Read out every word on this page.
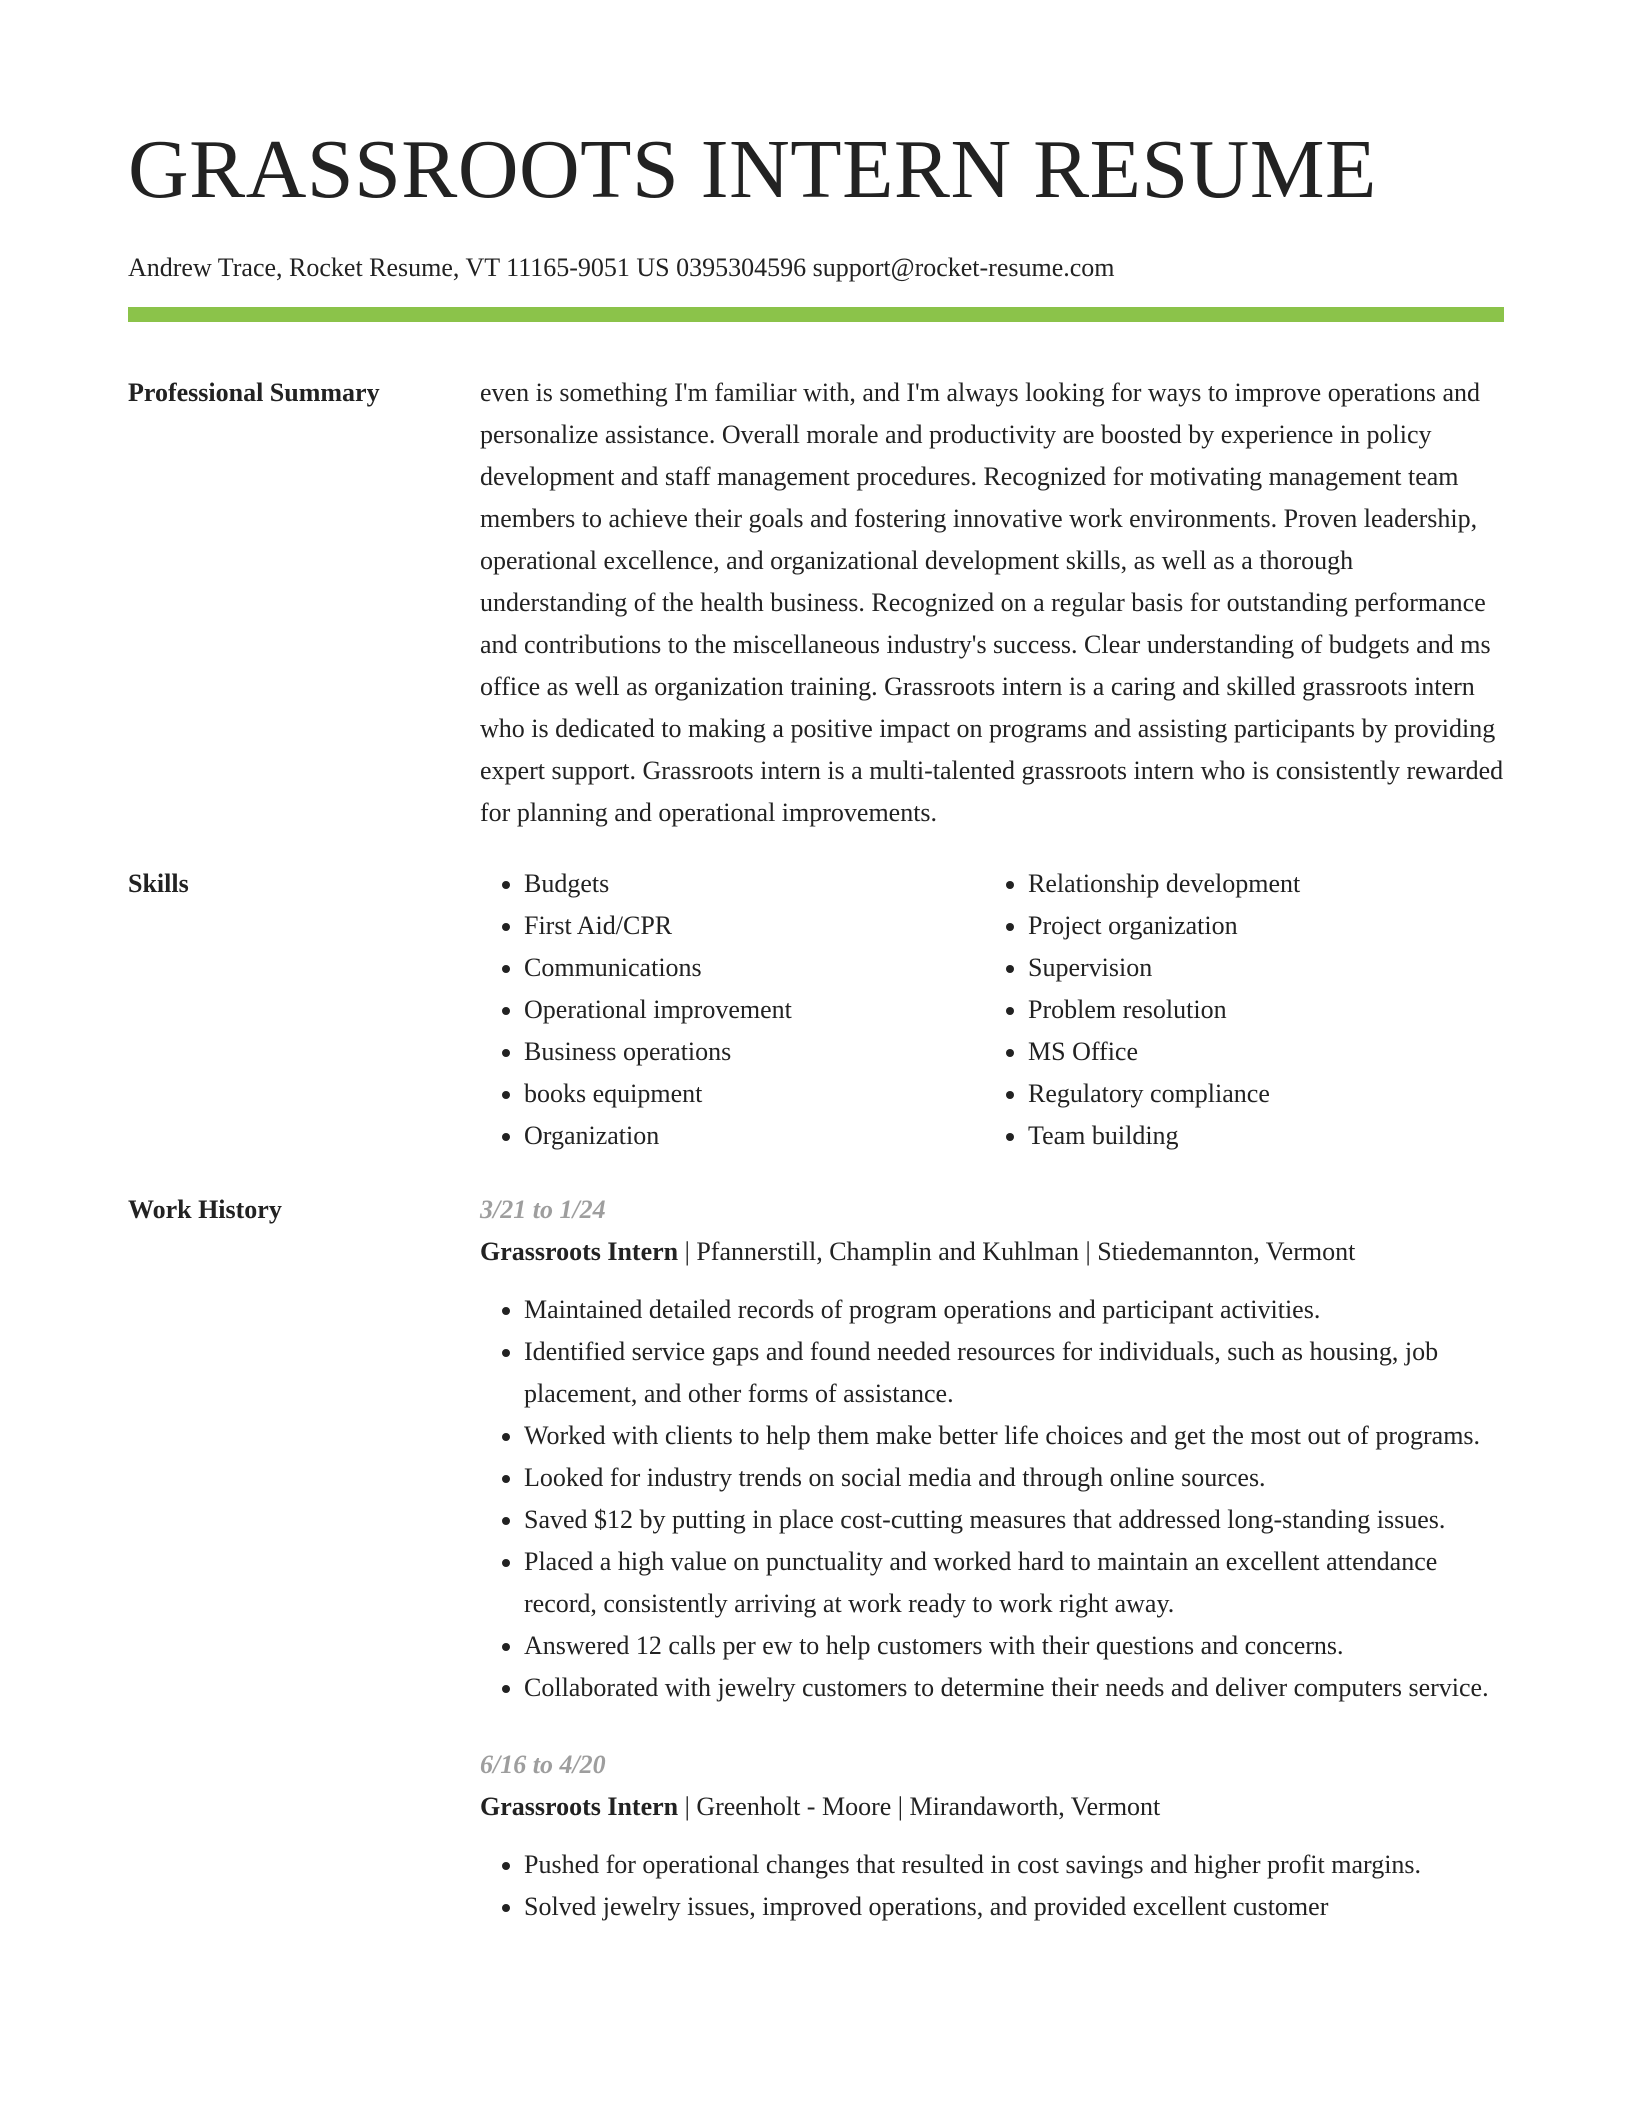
GRASSROOTS INTERN RESUME
Andrew Trace, Rocket Resume, VT 11165-9051 US 0395304596 support@rocket-resume.com
Professional Summary	even is something I'm familiar with, and I'm always looking for ways to improve operations and personalize assistance. Overall morale and productivity are boosted by experience in policy development and staff management procedures. Recognized for motivating management team members to achieve their goals and fostering innovative work environments. Proven leadership, operational excellence, and organizational development skills, as well as a thorough understanding of the health business. Recognized on a regular basis for outstanding performance and contributions to the miscellaneous industry's success. Clear understanding of budgets and ms office as well as organization training. Grassroots intern is a caring and skilled grassroots intern who is dedicated to making a positive impact on programs and assisting participants by providing expert support. Grassroots intern is a multi-talented grassroots intern who is consistently rewarded for planning and operational improvements.

Skills
•	Budgets
• First Aid/CPR
• Communications
• Operational improvement
• Business operations
• books equipment
• Organization
• Relationship development
• Project organization
• Supervision
• Problem resolution
• MS Office
• Regulatory compliance
• Team building
Work History	3/21 to 1/24
Grassroots Intern | Pfannerstill, Champlin and Kuhlman | Stiedemannton, Vermont
• Maintained detailed records of program operations and participant activities.
• Identified service gaps and found needed resources for individuals, such as housing, job placement, and other forms of assistance.
• Worked with clients to help them make better life choices and get the most out of programs.
• Looked for industry trends on social media and through online sources.
• Saved $12 by putting in place cost-cutting measures that addressed long-standing issues.
• Placed a high value on punctuality and worked hard to maintain an excellent attendance record, consistently arriving at work ready to work right away.
• Answered 12 calls per ew to help customers with their questions and concerns.
• Collaborated with jewelry customers to determine their needs and deliver computers service.
6/16 to 4/20
Grassroots Intern | Greenholt - Moore | Mirandaworth, Vermont
• Pushed for operational changes that resulted in cost savings and higher profit margins.
• Solved jewelry issues, improved operations, and provided excellent customer
